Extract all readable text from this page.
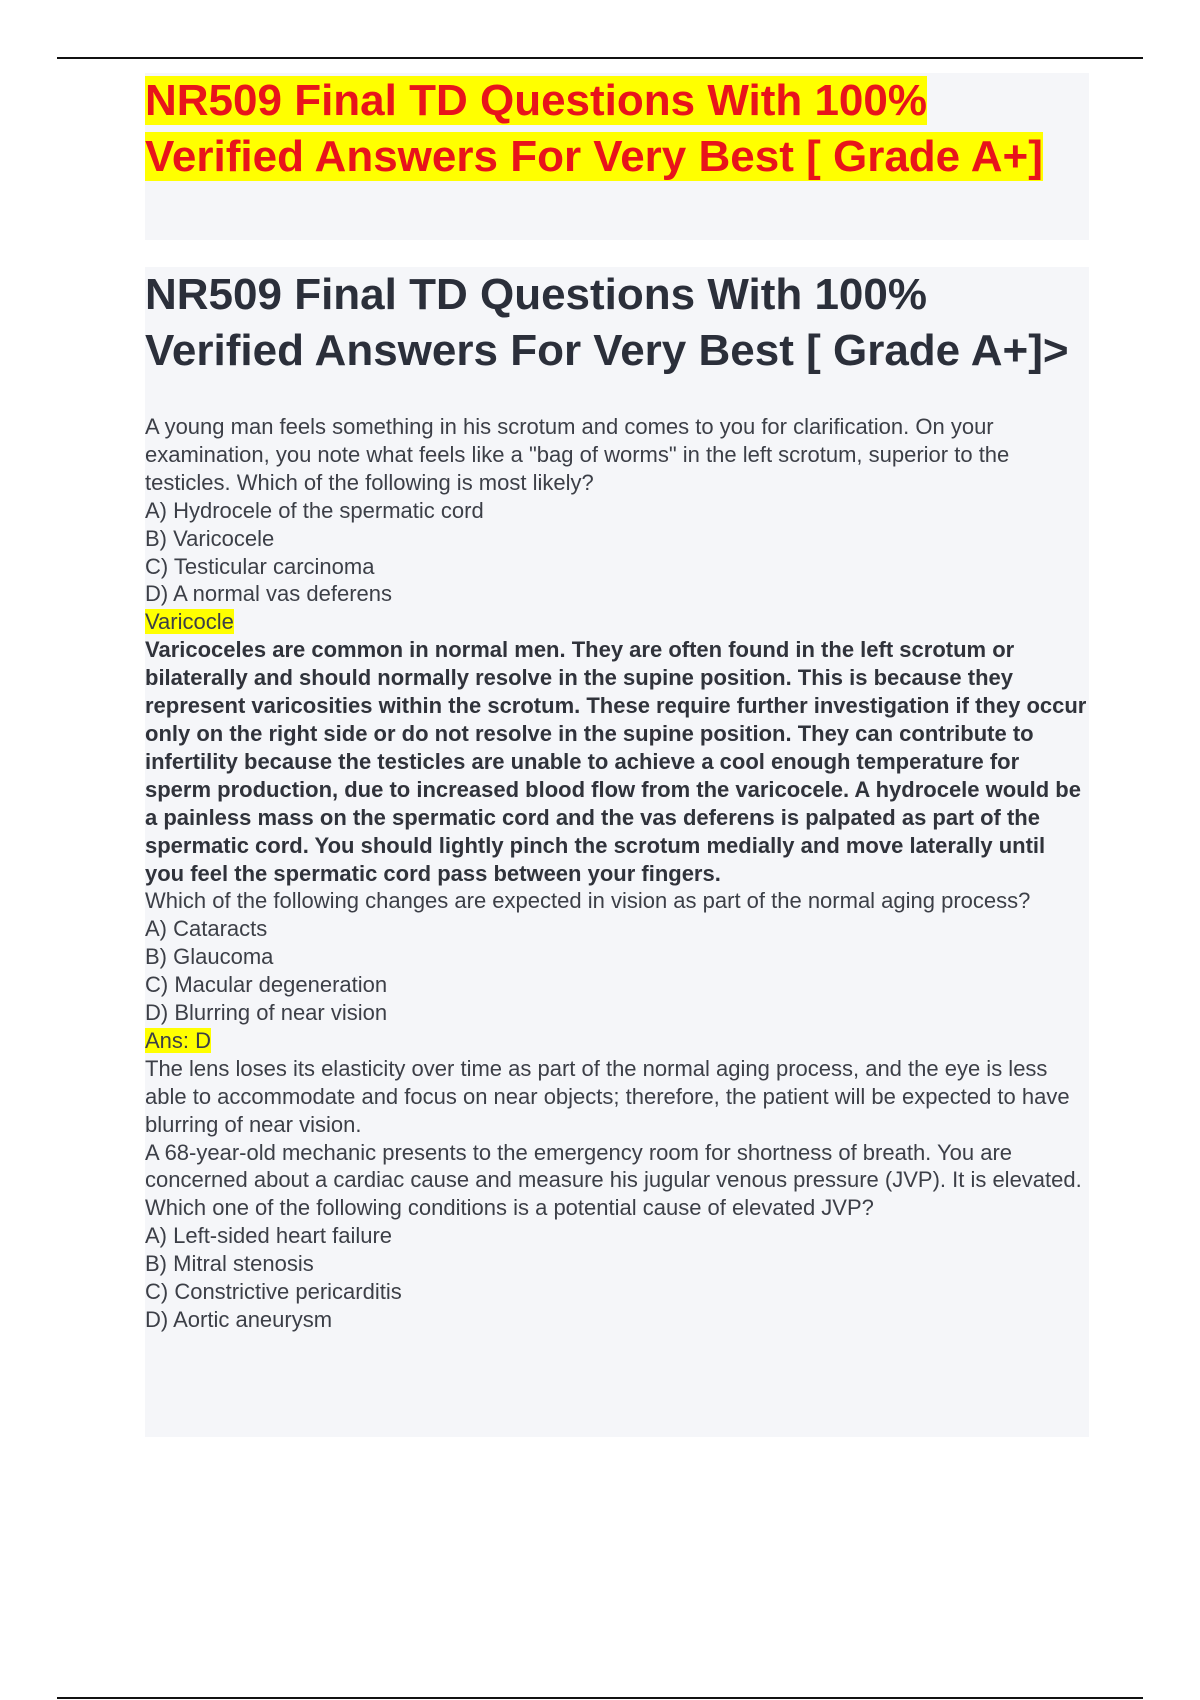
NR509 Final TD Questions With 100% Verified Answers For Very Best [ Grade A+]
NR509 Final TD Questions With 100% Verified Answers For Very Best [ Grade A+]>

A young man feels something in his scrotum and comes to you for clarification. On your examination, you note what feels like a "bag of worms" in the left scrotum, superior to the testicles. Which of the following is most likely?

A) Hydrocele of the spermatic cord

B) Varicocele

C) Testicular carcinoma

D) A normal vas deferens

Varicocle

Varicoceles are common in normal men. They are often found in the left scrotum or bilaterally and should normally resolve in the supine position. This is because they represent varicosities within the scrotum. These require further investigation if they occur only on the right side or do not resolve in the supine position. They can contribute to infertility because the testicles are unable to achieve a cool enough temperature for sperm production, due to increased blood flow from the varicocele. A hydrocele would be a painless mass on the spermatic cord and the vas deferens is palpated as part of the spermatic cord. You should lightly pinch the scrotum medially and move laterally until you feel the spermatic cord pass between your fingers.

Which of the following changes are expected in vision as part of the normal aging process?

A) Cataracts

B) Glaucoma

C) Macular degeneration

D) Blurring of near vision

Ans: D

The lens loses its elasticity over time as part of the normal aging process, and the eye is less able to accommodate and focus on near objects; therefore, the patient will be expected to have blurring of near vision.

A 68-year-old mechanic presents to the emergency room for shortness of breath. You are concerned about a cardiac cause and measure his jugular venous pressure (JVP). It is elevated. Which one of the following conditions is a potential cause of elevated JVP?

A) Left-sided heart failure

B) Mitral stenosis

C) Constrictive pericarditis

D) Aortic aneurysm
